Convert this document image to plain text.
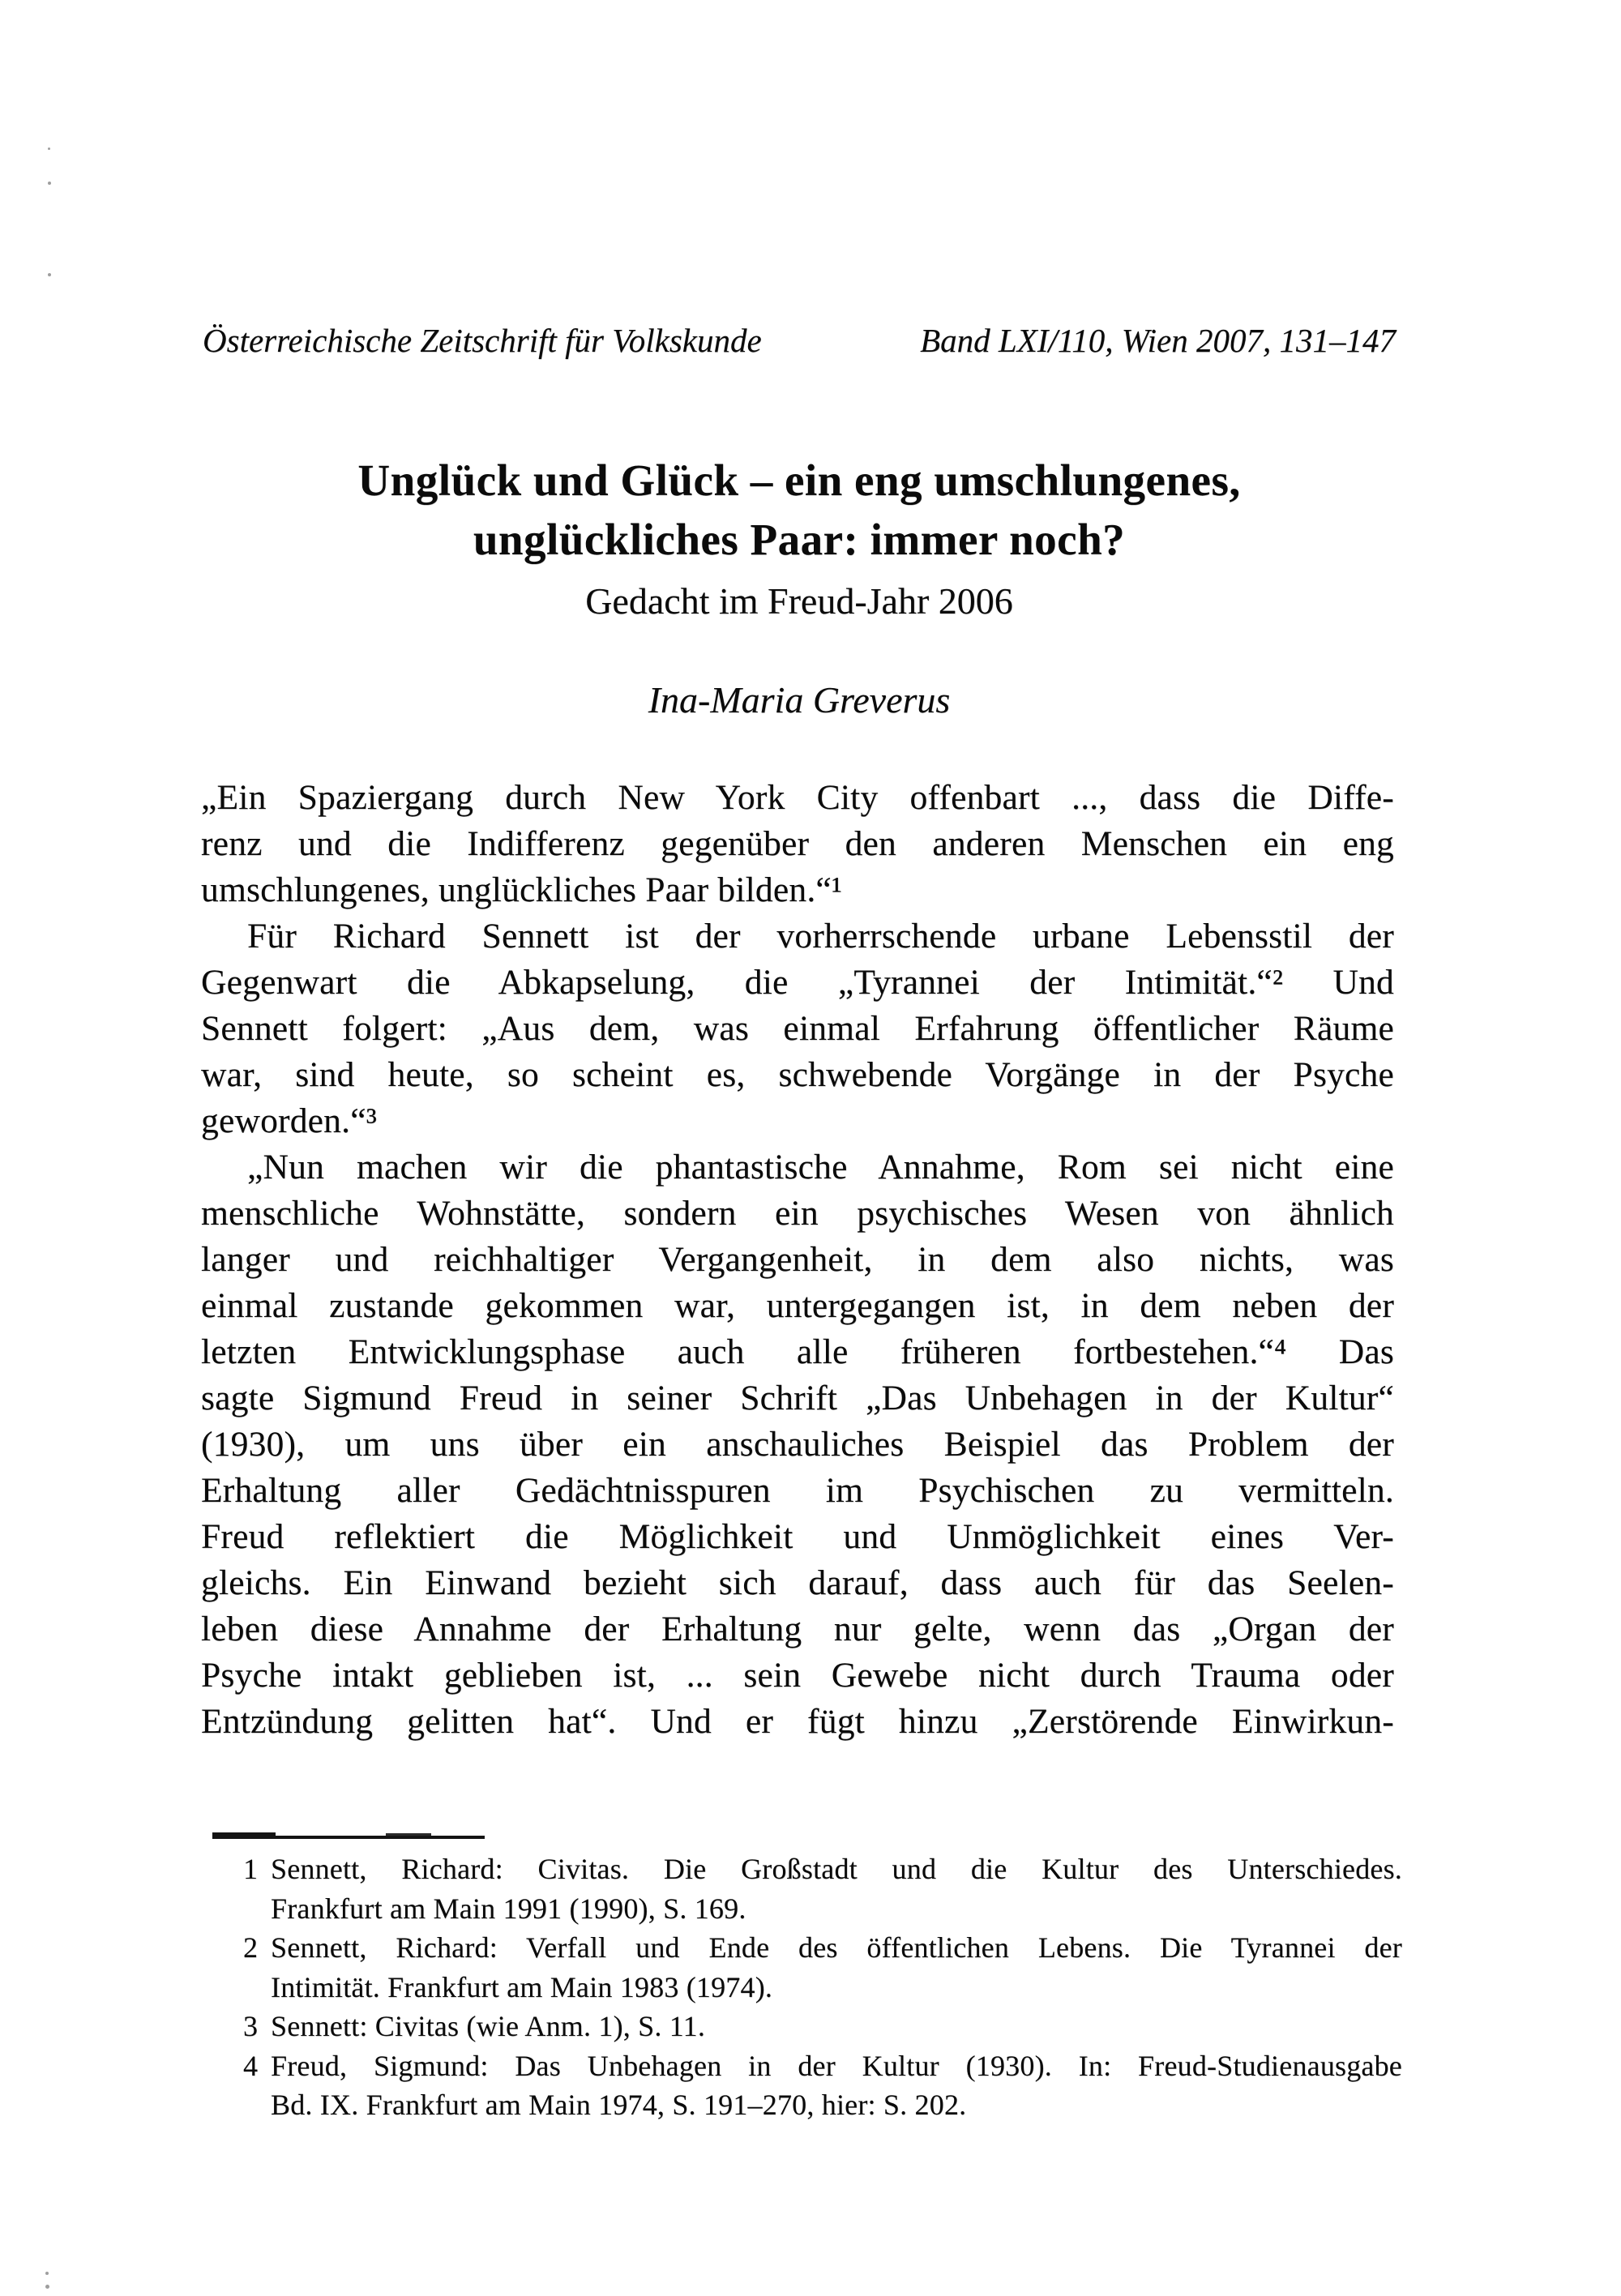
Österreichische Zeitschrift für Volkskunde	Band LXI/110, Wien 2007, 131–147
Unglück und Glück – ein eng umschlungenes,
unglückliches Paar: immer noch?
Gedacht im Freud-Jahr 2006
Ina-Maria Greverus
„Ein Spaziergang durch New York City offenbart ..., dass die Diffe-
renz und die Indifferenz gegenüber den anderen Menschen ein eng
umschlungenes, unglückliches Paar bilden.“¹
Für Richard Sennett ist der vorherrschende urbane Lebensstil der
Gegenwart die Abkapselung, die „Tyrannei der Intimität.“² Und
Sennett folgert: „Aus dem, was einmal Erfahrung öffentlicher Räume
war, sind heute, so scheint es, schwebende Vorgänge in der Psyche
geworden.“³
„Nun machen wir die phantastische Annahme, Rom sei nicht eine
menschliche Wohnstätte, sondern ein psychisches Wesen von ähnlich
langer und reichhaltiger Vergangenheit, in dem also nichts, was
einmal zustande gekommen war, untergegangen ist, in dem neben der
letzten Entwicklungsphase auch alle früheren fortbestehen.“⁴ Das
sagte Sigmund Freud in seiner Schrift „Das Unbehagen in der Kultur“
(1930), um uns über ein anschauliches Beispiel das Problem der
Erhaltung aller Gedächtnisspuren im Psychischen zu vermitteln.
Freud reflektiert die Möglichkeit und Unmöglichkeit eines Ver-
gleichs. Ein Einwand bezieht sich darauf, dass auch für das Seelen-
leben diese Annahme der Erhaltung nur gelte, wenn das „Organ der
Psyche intakt geblieben ist, ... sein Gewebe nicht durch Trauma oder
Entzündung gelitten hat“. Und er fügt hinzu „Zerstörende Einwirkun-
1 Sennett, Richard: Civitas. Die Großstadt und die Kultur des Unterschiedes.
Frankfurt am Main 1991 (1990), S. 169.
2 Sennett, Richard: Verfall und Ende des öffentlichen Lebens. Die Tyrannei der
Intimität. Frankfurt am Main 1983 (1974).
3 Sennett: Civitas (wie Anm. 1), S. 11.
4 Freud, Sigmund: Das Unbehagen in der Kultur (1930). In: Freud-Studienausgabe
Bd. IX. Frankfurt am Main 1974, S. 191–270, hier: S. 202.
